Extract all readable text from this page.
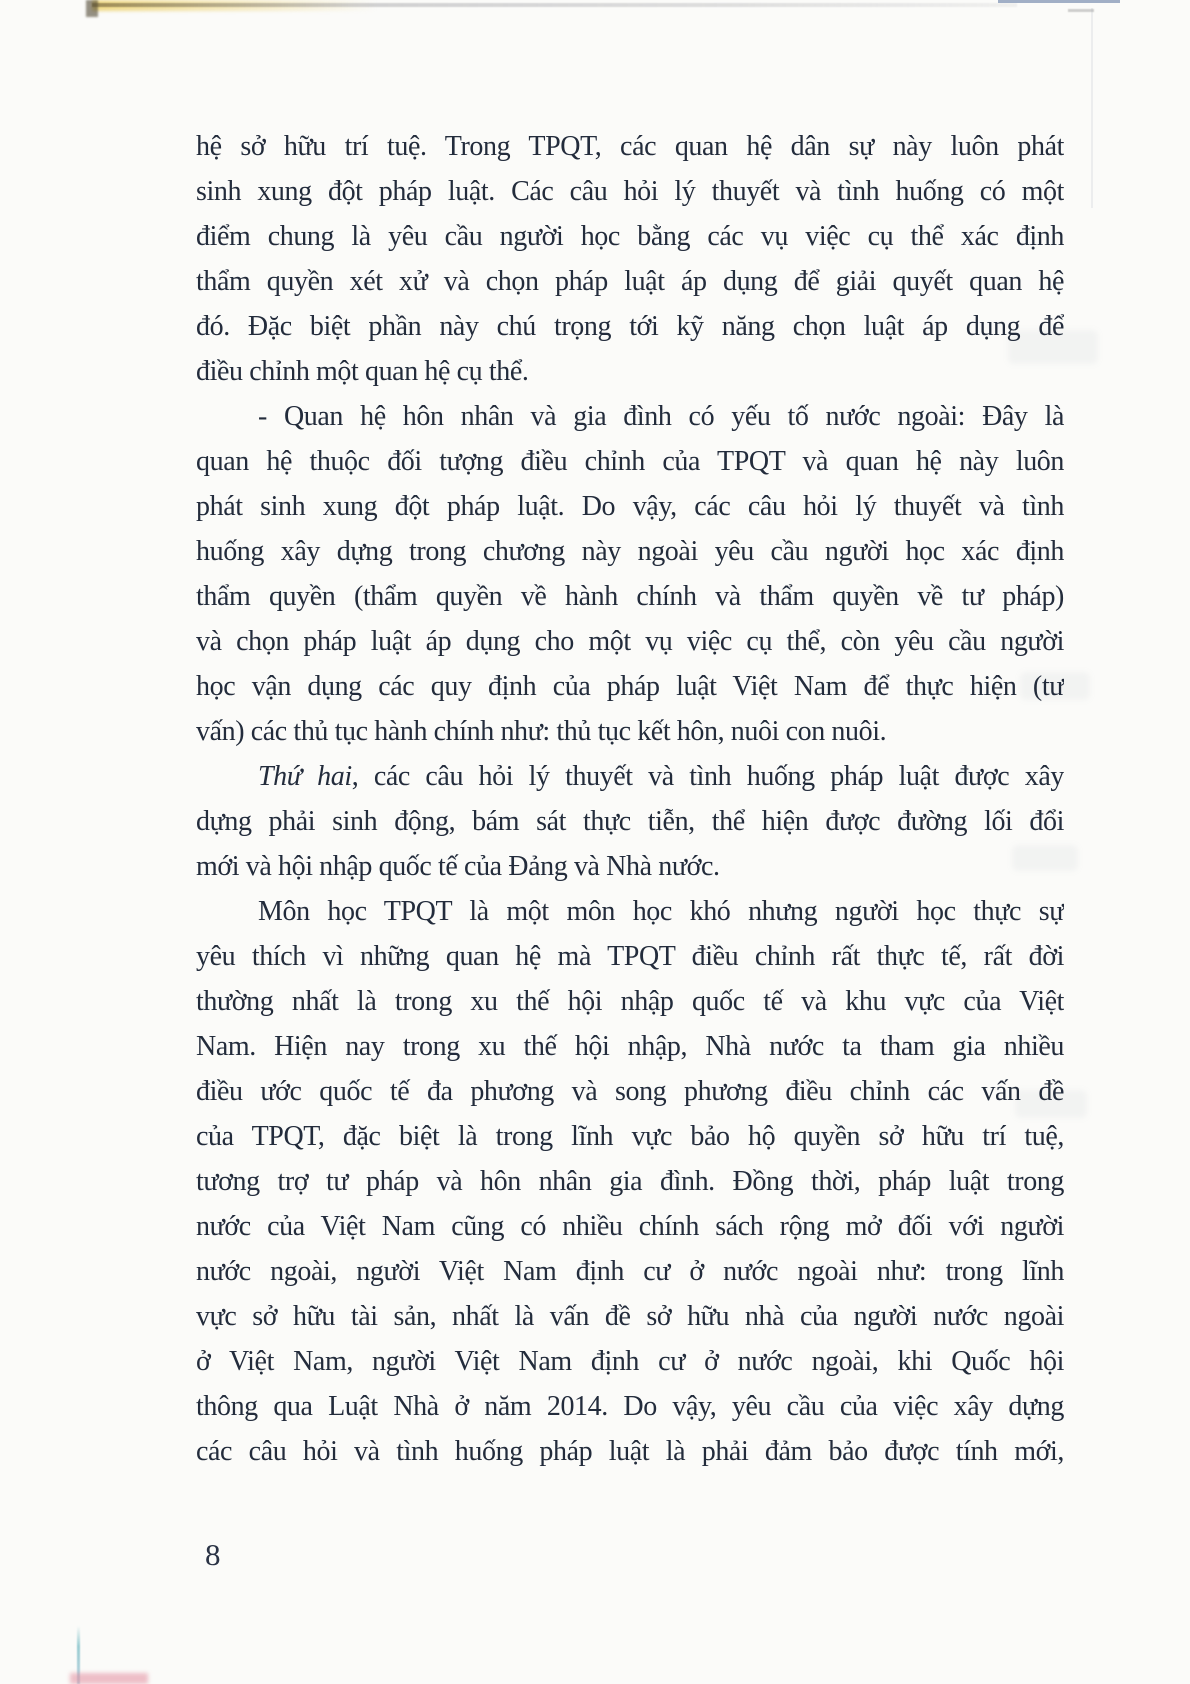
hệ sở hữu trí tuệ. Trong TPQT, các quan hệ dân sự này luôn phát
sinh xung đột pháp luật. Các câu hỏi lý thuyết và tình huống có một
điểm chung là yêu cầu người học bằng các vụ việc cụ thể xác định
thẩm quyền xét xử và chọn pháp luật áp dụng để giải quyết quan hệ
đó. Đặc biệt phần này chú trọng tới kỹ năng chọn luật áp dụng để
điều chỉnh một quan hệ cụ thể.
- Quan hệ hôn nhân và gia đình có yếu tố nước ngoài: Đây là
quan hệ thuộc đối tượng điều chỉnh của TPQT và quan hệ này luôn
phát sinh xung đột pháp luật. Do vậy, các câu hỏi lý thuyết và tình
huống xây dựng trong chương này ngoài yêu cầu người học xác định
thẩm quyền (thẩm quyền về hành chính và thẩm quyền về tư pháp)
và chọn pháp luật áp dụng cho một vụ việc cụ thể, còn yêu cầu người
học vận dụng các quy định của pháp luật Việt Nam để thực hiện (tư
vấn) các thủ tục hành chính như: thủ tục kết hôn, nuôi con nuôi.
Thứ hai, các câu hỏi lý thuyết và tình huống pháp luật được xây
dựng phải sinh động, bám sát thực tiễn, thể hiện được đường lối đổi
mới và hội nhập quốc tế của Đảng và Nhà nước.
Môn học TPQT là một môn học khó nhưng người học thực sự
yêu thích vì những quan hệ mà TPQT điều chỉnh rất thực tế, rất đời
thường nhất là trong xu thế hội nhập quốc tế và khu vực của Việt
Nam. Hiện nay trong xu thế hội nhập, Nhà nước ta tham gia nhiều
điều ước quốc tế đa phương và song phương điều chỉnh các vấn đề
của TPQT, đặc biệt là trong lĩnh vực bảo hộ quyền sở hữu trí tuệ,
tương trợ tư pháp và hôn nhân gia đình. Đồng thời, pháp luật trong
nước của Việt Nam cũng có nhiều chính sách rộng mở đối với người
nước ngoài, người Việt Nam định cư ở nước ngoài như: trong lĩnh
vực sở hữu tài sản, nhất là vấn đề sở hữu nhà của người nước ngoài
ở Việt Nam, người Việt Nam định cư ở nước ngoài, khi Quốc hội
thông qua Luật Nhà ở năm 2014. Do vậy, yêu cầu của việc xây dựng
các câu hỏi và tình huống pháp luật là phải đảm bảo được tính mới,
8
